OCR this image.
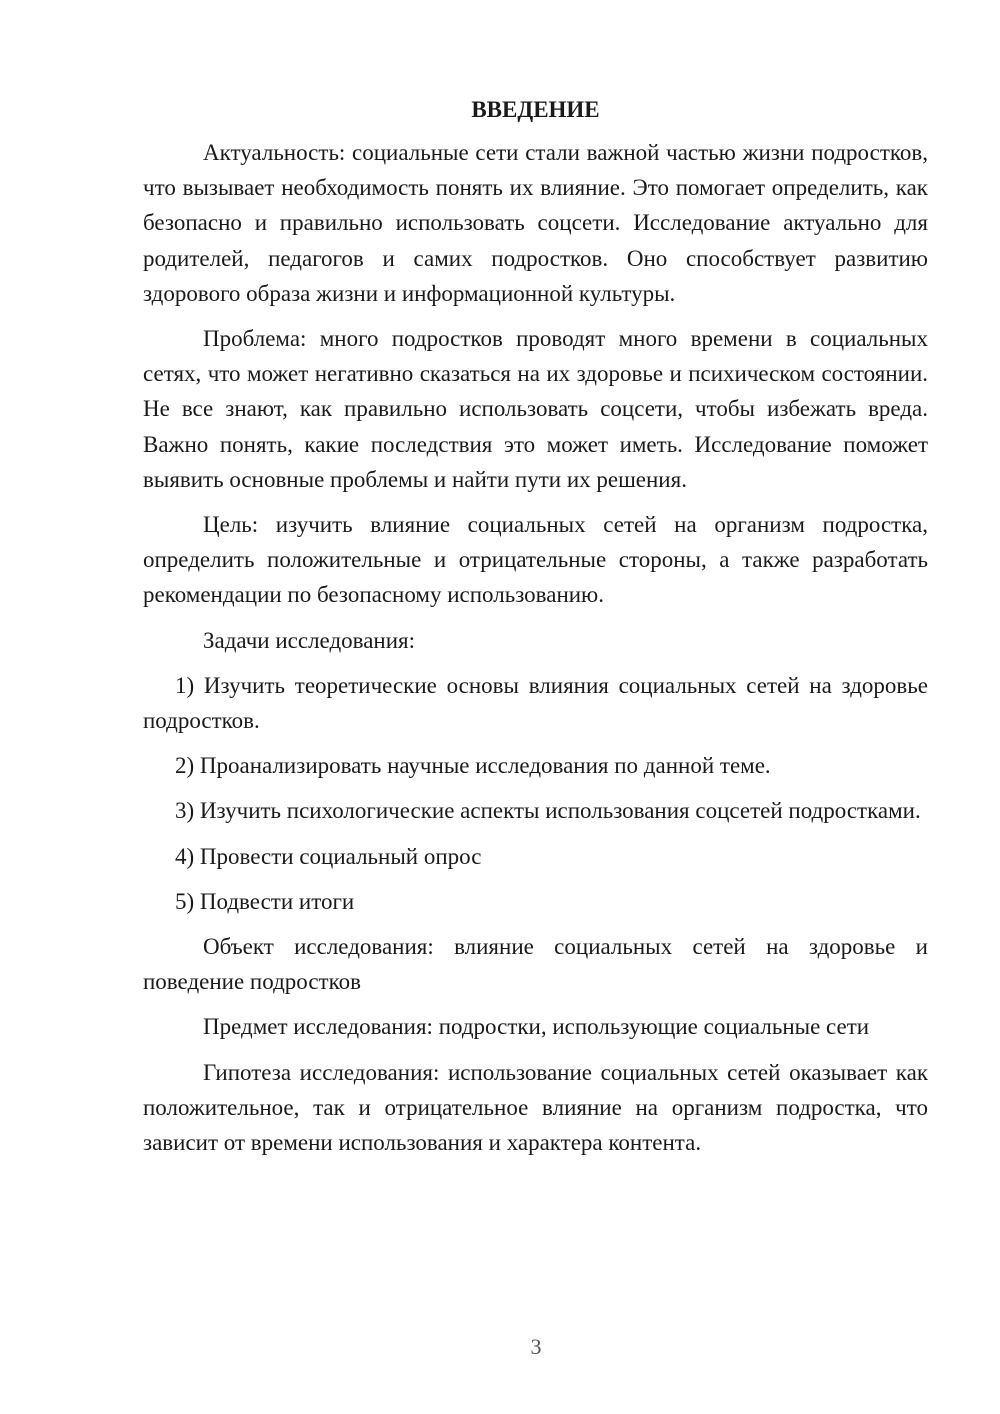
ВВЕДЕНИЕ

Актуальность: социальные сети стали важной частью жизни подростков, что вызывает необходимость понять их влияние. Это помогает определить, как безопасно и правильно использовать соцсети. Исследование актуально для родителей, педагогов и самих подростков. Оно способствует развитию здорового образа жизни и информационной культуры.

Проблема: много подростков проводят много времени в социальных сетях, что может негативно сказаться на их здоровье и психическом состоянии. Не все знают, как правильно использовать соцсети, чтобы избежать вреда. Важно понять, какие последствия это может иметь. Исследование поможет выявить основные проблемы и найти пути их решения.

Цель: изучить влияние социальных сетей на организм подростка, определить положительные и отрицательные стороны, а также разработать рекомендации по безопасному использованию.

Задачи исследования:

1) Изучить теоретические основы влияния социальных сетей на здоровье подростков.

2) Проанализировать научные исследования по данной теме.

3) Изучить психологические аспекты использования соцсетей подростками.

4) Провести социальный опрос

5) Подвести итоги

Объект исследования: влияние социальных сетей на здоровье и поведение подростков

Предмет исследования: подростки, использующие социальные сети

Гипотеза исследования: использование социальных сетей оказывает как положительное, так и отрицательное влияние на организм подростка, что зависит от времени использования и характера контента.

3
